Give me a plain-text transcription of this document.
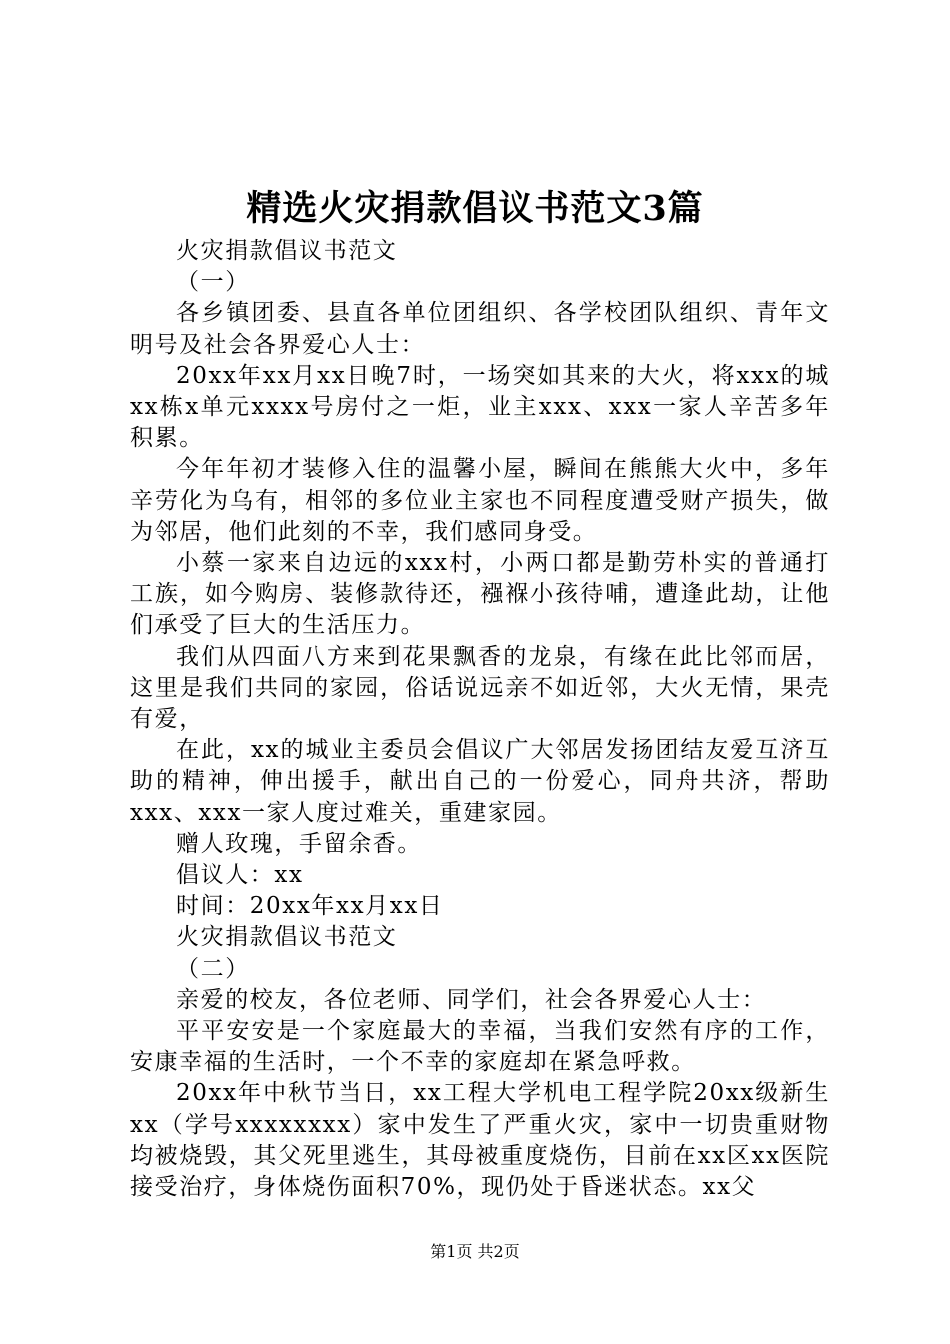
精选火灾捐款倡议书范文3篇

火灾捐款倡议书范文

（一）

各乡镇团委、县直各单位团组织、各学校团队组织、青年文明号及社会各界爱心人士：

20xx年xx月xx日晚7时，一场突如其来的大火，将xxx的城xx栋x单元xxxx号房付之一炬，业主xxx、xxx一家人辛苦多年积累。

今年年初才装修入住的温馨小屋，瞬间在熊熊大火中，多年辛劳化为乌有，相邻的多位业主家也不同程度遭受财产损失，做为邻居，他们此刻的不幸，我们感同身受。

小蔡一家来自边远的xxx村，小两口都是勤劳朴实的普通打工族，如今购房、装修款待还，襁褓小孩待哺，遭逢此劫，让他们承受了巨大的生活压力。

我们从四面八方来到花果飘香的龙泉，有缘在此比邻而居，这里是我们共同的家园，俗话说远亲不如近邻，大火无情，果壳有爱，

在此，xx的城业主委员会倡议广大邻居发扬团结友爱互济互助的精神，伸出援手，献出自己的一份爱心，同舟共济，帮助xxx、xxx一家人度过难关，重建家园。

赠人玫瑰，手留余香。

倡议人：xx

时间：20xx年xx月xx日

火灾捐款倡议书范文

（二）

亲爱的校友，各位老师、同学们，社会各界爱心人士：

平平安安是一个家庭最大的幸福，当我们安然有序的工作，安康幸福的生活时，一个不幸的家庭却在紧急呼救。

20xx年中秋节当日，xx工程大学机电工程学院20xx级新生xx（学号xxxxxxxx）家中发生了严重火灾，家中一切贵重财物均被烧毁，其父死里逃生，其母被重度烧伤，目前在xx区xx医院接受治疗，身体烧伤面积70%，现仍处于昏迷状态。xx父

第1页 共2页
